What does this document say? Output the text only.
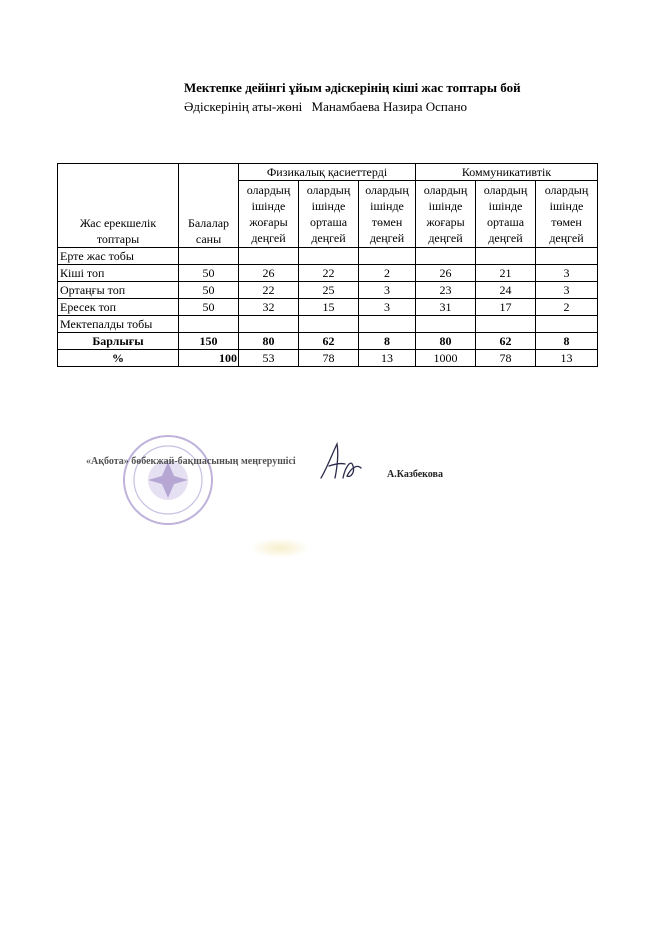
Мектепке дейінгі ұйым әдіскерінің кіші жас топтары бой
Әдіскерінің аты-жөні Манамбаева Назира Оспано
Жас ерекшелік топтары	Балалар саны	Физикалық қасиеттерді			Коммуникативтік		
		олардың ішінде жоғары деңгей	олардың ішінде орташа деңгей	олардың ішінде төмен деңгей	олардың ішінде жоғары деңгей	олардың ішінде орташа деңгей	олардың ішінде төмен деңгей
Ерте жас тобы							
Кіші топ	50	26	22	2	26	21	3
Ортаңғы топ	50	22	25	3	23	24	3
Ересек топ	50	32	15	3	31	17	2
Мектепалды тобы							
Барлығы	150	80	62	8	80	62	8
%	100	53	78	13	1000	78	13
«Ақбота» бөбекжай-бақшасының меңгерушісі
А.Казбекова
